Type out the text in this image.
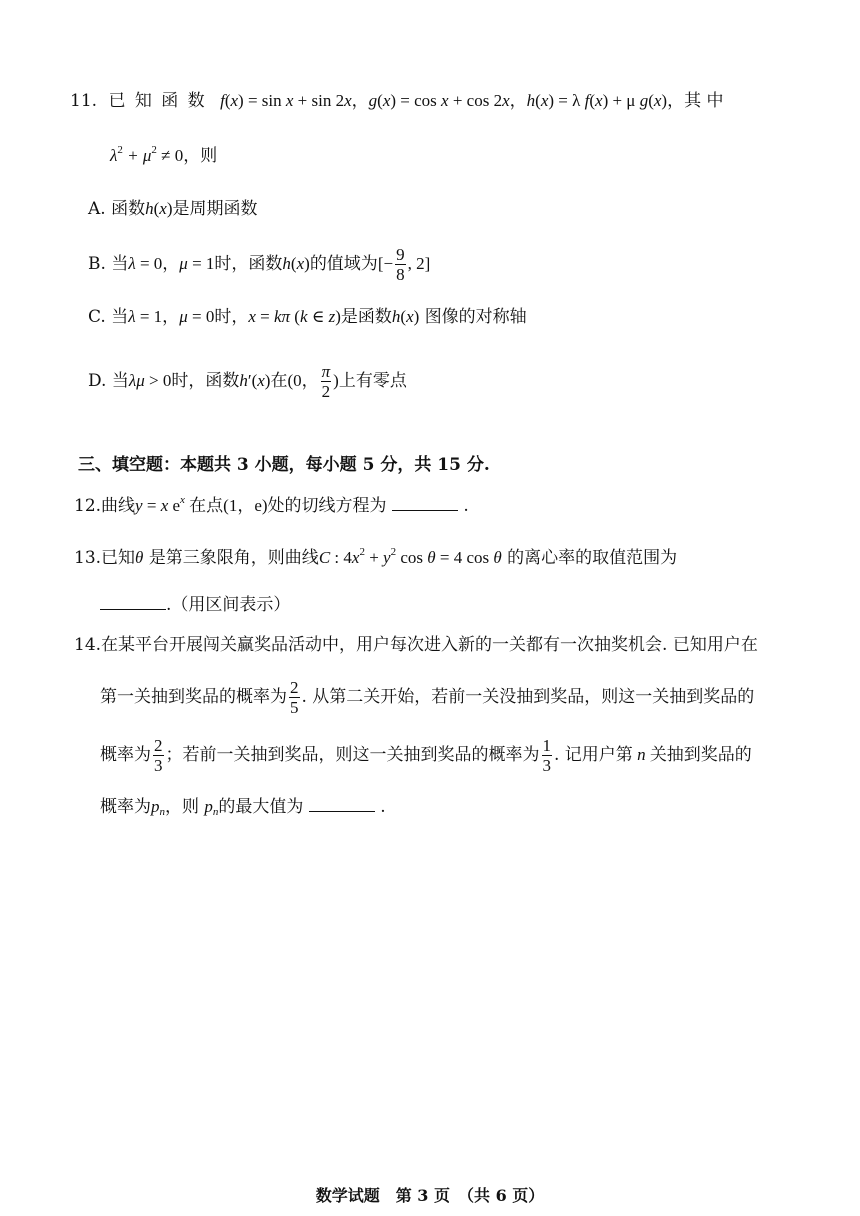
11. 已 知 函 数 f(x) = sin x + sin 2x，g(x) = cos x + cos 2x，h(x) = λ f(x) + μ g(x)，其 中
$\lambda^2 + \mu^2 \ne 0$，则
A. 函数h(x)是周期函数
B. 当λ = 0，μ = 1时，函数h(x)的值域为[− $\frac{9}{8}$ , 2]
C. 当λ = 1，μ = 0时，x = kπ (k ∈ z)是函数h(x) 图像的对称轴
D. 当λμ > 0时，函数h′(x)在(0， $\frac{\pi}{2}$ )上有零点
三、填空题：本题共 3 小题，每小题 5 分，共 15 分.
12.曲线y = x $e^x$ 在点(1，e)处的切线方程为	.
13.已知θ 是第三象限角，则曲线C : $4x^2 + y^2$ cos θ = 4 cos θ 的离心率的取值范围为
.（用区间表示）
14.在某平台开展闯关赢奖品活动中，用户每次进入新的一关都有一次抽奖机会. 已知用户在
第一关抽到奖品的概率为 $\frac{2}{5}$ . 从第二关开始，若前一关没抽到奖品，则这一关抽到奖品的
概率为 $\frac{2}{3}$ ；若前一关抽到奖品，则这一关抽到奖品的概率为 $\frac{1}{3}$ . 记用户第 n 关抽到奖品的
概率为$p_n$，则 $p_n$的最大值为	.
数学试题　第 3 页　（共 6 页）
